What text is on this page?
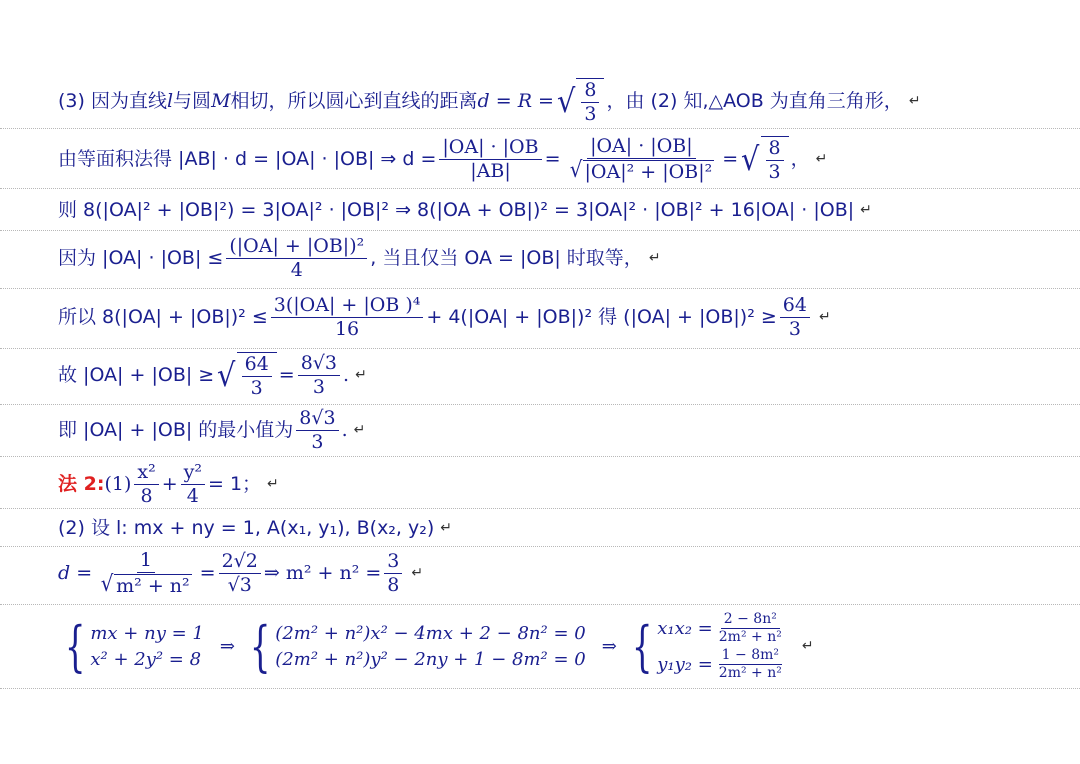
(3) 因为直线 l 与圆 M 相切，所以圆心到直线的距离 d = R = √ $\frac{8}{3}$ ，由 (2) 知,△AOB 为直角三角形， ↵
由等面积法得 |AB| · d = |OA| · |OB| ⇒ $d = \frac{|OA| \cdot |OB}{|AB|} = \frac{|OA| \cdot |OB|}{\text{√ |OA|² + |OB|²}}$ = √ $\frac{8}{3}$ ， ↵
则 8(|OA|² + |OB|²) = 3|OA|² · |OB|² ⇒ 8(|OA + OB|)² = 3|OA|² · |OB|² + 16|OA| · |OB| ↵
因为 $|OA| \cdot |OB| \le \frac{\text{(|OA| + |OB|)²}}{4}$ , 当且仅当 OA = |OB| 时取等， ↵
所以 $8(|OA| + |OB|)^2 \le \frac{\text{3(|OA| + |OB )⁴}}{16} + 4(|OA| + |OB|)^2$ 得 $(|OA| + |OB|)^2 \ge \frac{64}{3}$ ↵
故 |OA| + |OB| ≥ √ $\frac{64}{3} = \frac{8√3}{3}$ . ↵
即 |OA| + |OB| 的最小值为 $\frac{8√3}{3}$ . ↵
法 2: $(1) \frac{\text{x²}}{8} + \frac{\text{y²}}{4} = 1$； ↵
(2) 设 l: mx + ny = 1, A(x₁, y₁), B(x₂, y₂) ↵
$d = \frac{1}{\text{√ m² + n²}} = \frac{2√2}{√3}$ ⇒ $m^2 + n^2 = \frac{3}{8}$ ↵
{ mx + ny = 1
x² + 2y² = 8
⇒ { (2m² + n²)x² − 4mx + 2 − 8n² = 0
(2m² + n²)y² − 2ny + 1 − 8m² = 0
⇒ { $x_1x_2 = \frac{\text{2 − 8n²}}{\text{2m² + n²}}$
$y_1y_2 = \frac{\text{1 − 8m²}}{\text{2m² + n²}}$
↵
